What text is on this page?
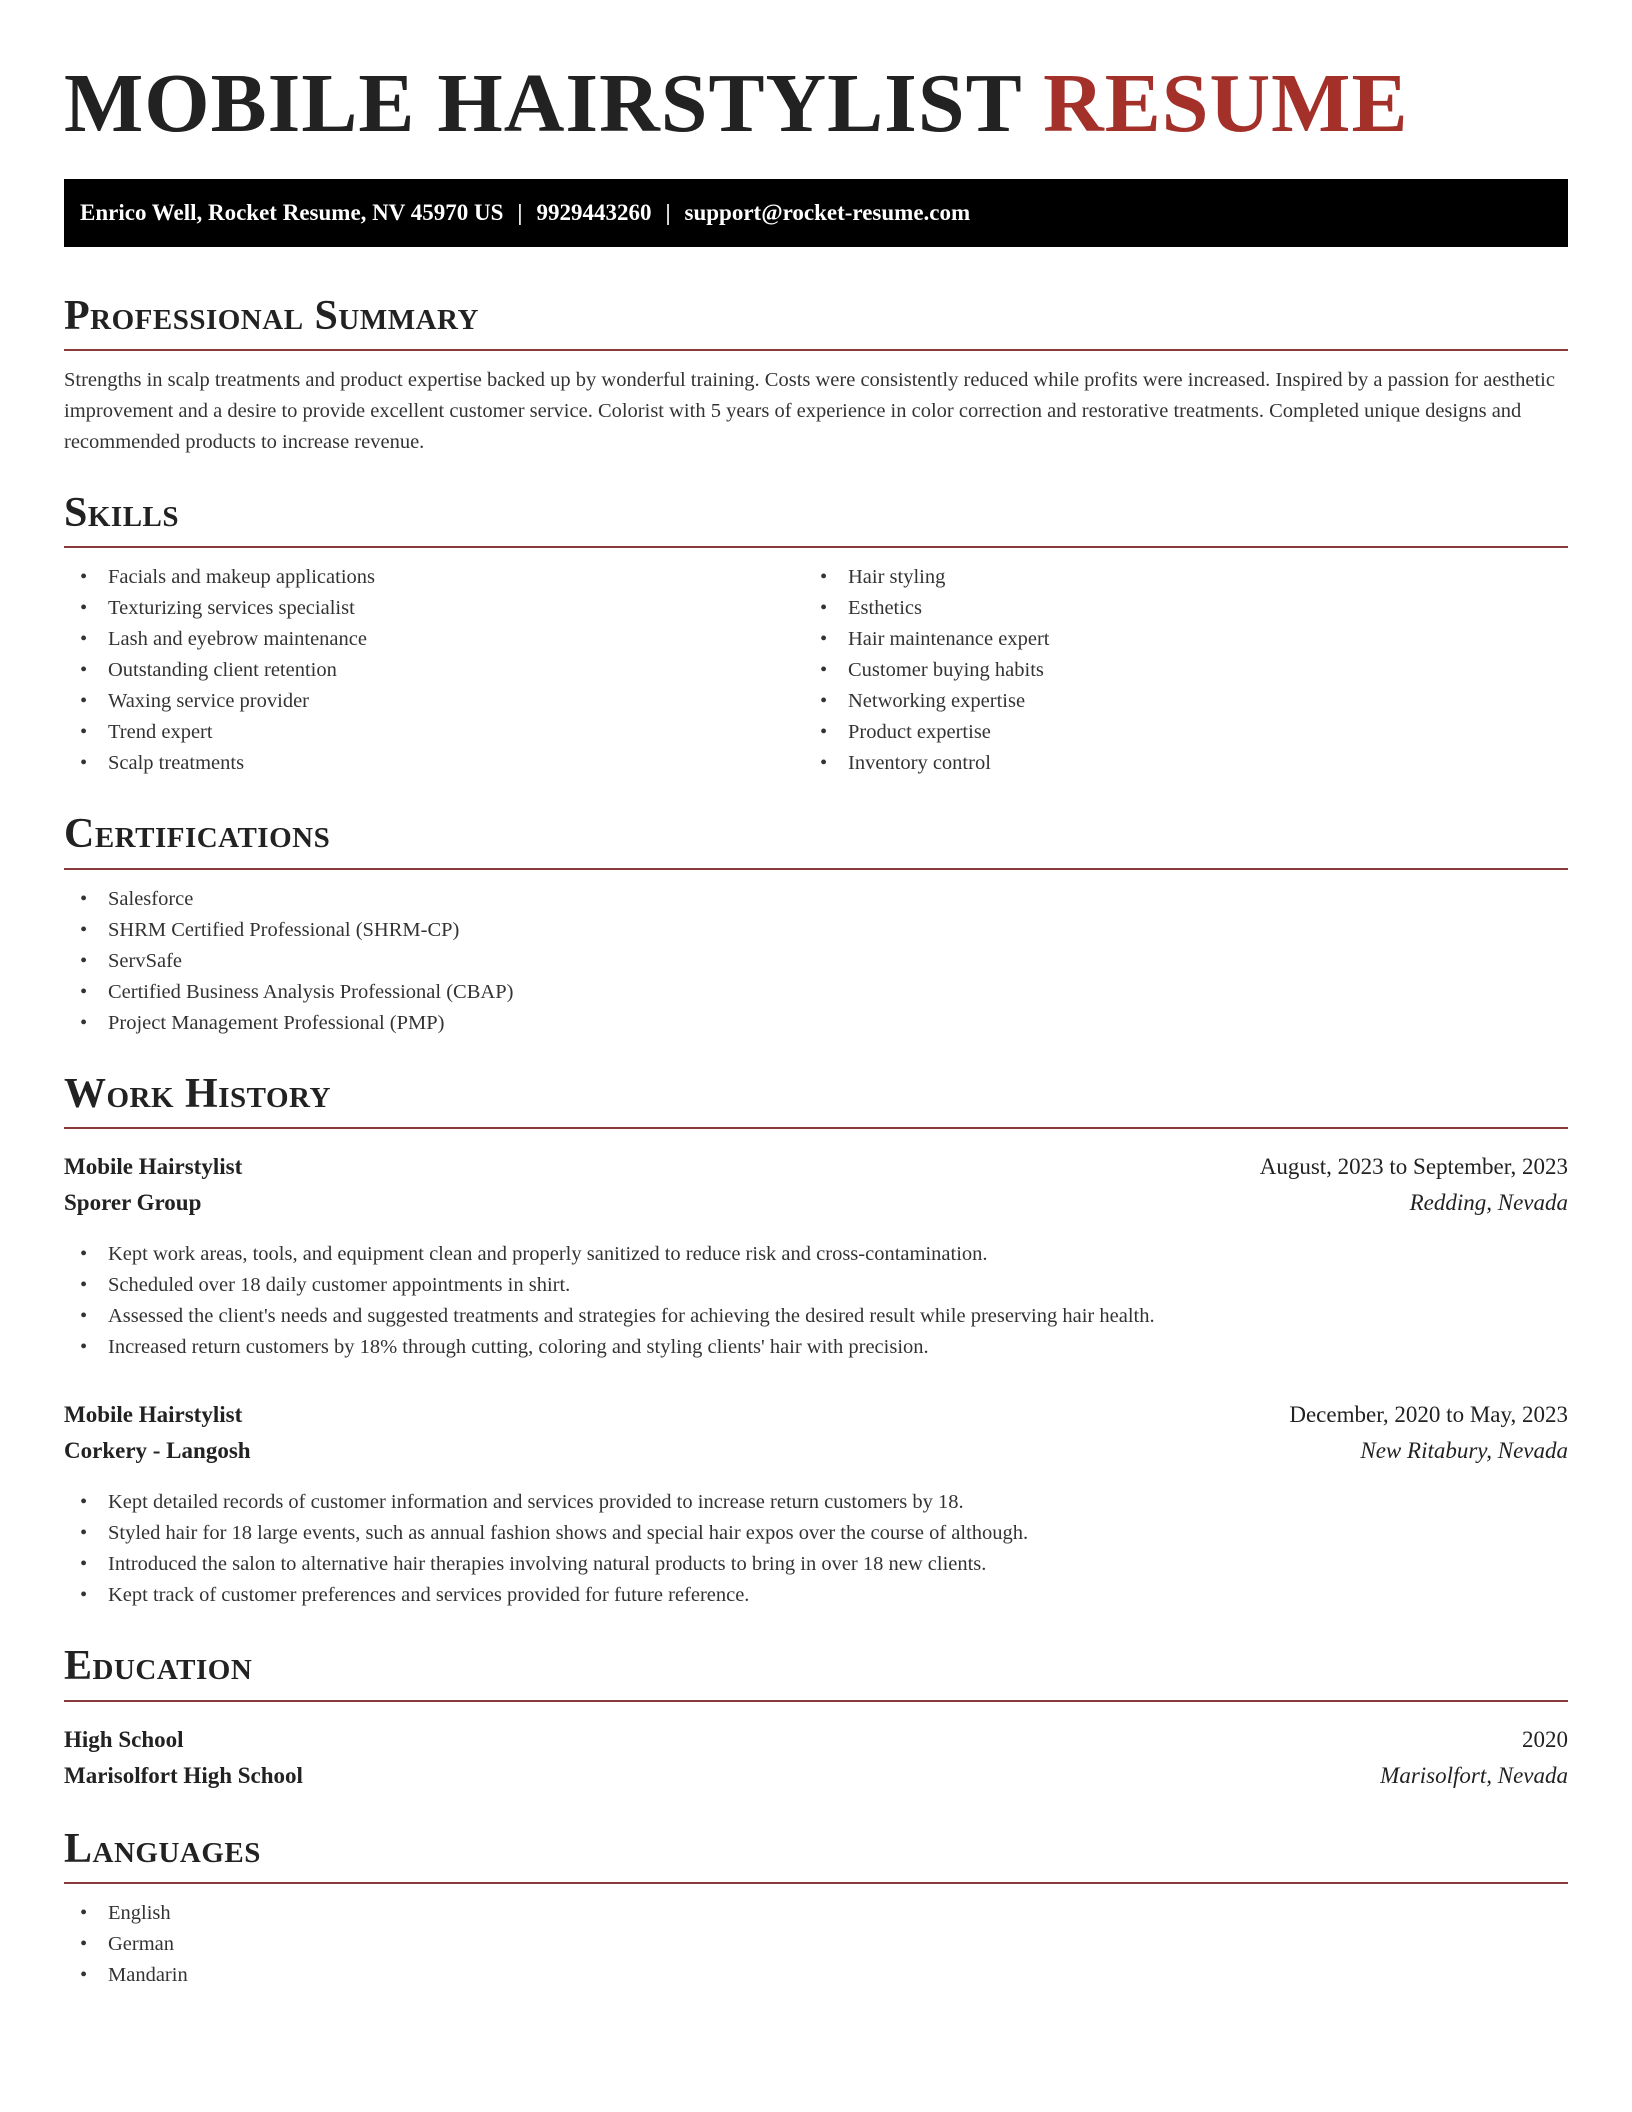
MOBILE HAIRSTYLIST RESUME
Enrico Well, Rocket Resume, NV 45970 US | 9929443260 | support@rocket-resume.com
Professional Summary

Strengths in scalp treatments and product expertise backed up by wonderful training. Costs were consistently reduced while profits were increased. Inspired by a passion for aesthetic improvement and a desire to provide excellent customer service. Colorist with 5 years of experience in color correction and restorative treatments. Completed unique designs and recommended products to increase revenue.

Skills
• Facials and makeup applications
• Texturizing services specialist
• Lash and eyebrow maintenance
• Outstanding client retention
• Waxing service provider
• Trend expert
• Scalp treatments
• Hair styling
• Esthetics
• Hair maintenance expert
• Customer buying habits
• Networking expertise
• Product expertise
• Inventory control
Certifications
• Salesforce
• SHRM Certified Professional (SHRM-CP)
• ServSafe
• Certified Business Analysis Professional (CBAP)
• Project Management Professional (PMP)
Work History
Mobile Hairstylist	August, 2023 to September, 2023
Sporer Group	Redding, Nevada
• Kept work areas, tools, and equipment clean and properly sanitized to reduce risk and cross-contamination.
• Scheduled over 18 daily customer appointments in shirt.
• Assessed the client's needs and suggested treatments and strategies for achieving the desired result while preserving hair health.
• Increased return customers by 18% through cutting, coloring and styling clients' hair with precision.
Mobile Hairstylist	December, 2020 to May, 2023
Corkery - Langosh	New Ritabury, Nevada
• Kept detailed records of customer information and services provided to increase return customers by 18.
• Styled hair for 18 large events, such as annual fashion shows and special hair expos over the course of although.
• Introduced the salon to alternative hair therapies involving natural products to bring in over 18 new clients.
• Kept track of customer preferences and services provided for future reference.
Education
High School	2020
Marisolfort High School	Marisolfort, Nevada
Languages
• English
• German
• Mandarin
